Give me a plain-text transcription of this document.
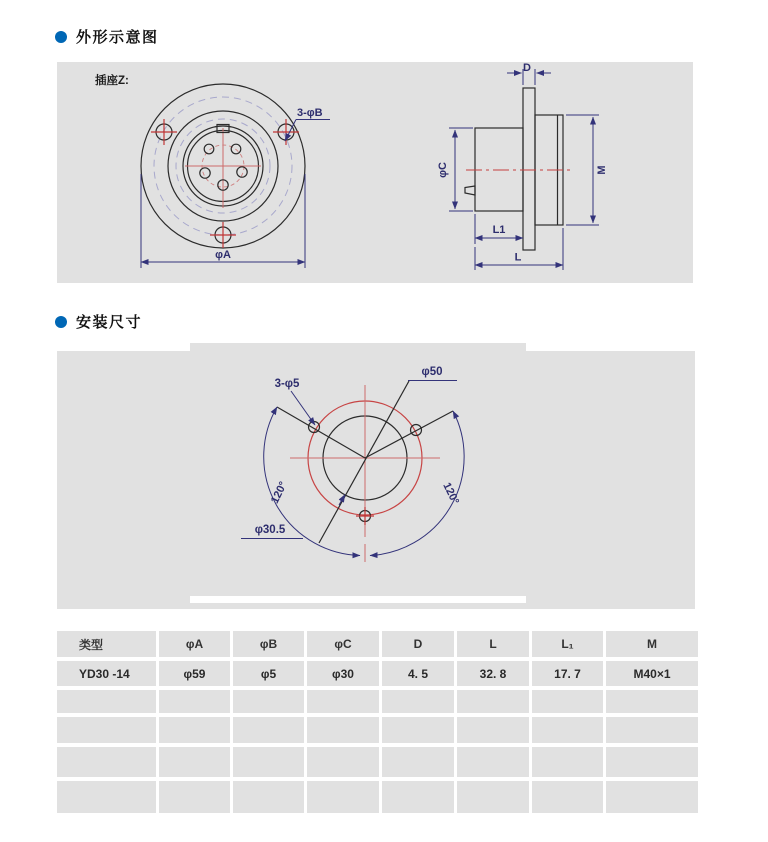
外形示意图
插座Z:
3-φB
φA
D
φC	M
L1
L
安装尺寸
3-φ5
φ50
φ30.5
120°	120°
类型	φA	φB	φC	D	L	L₁	M
YD30 -14	φ59	φ5	φ30	4. 5	32. 8	17. 7	M40×1
